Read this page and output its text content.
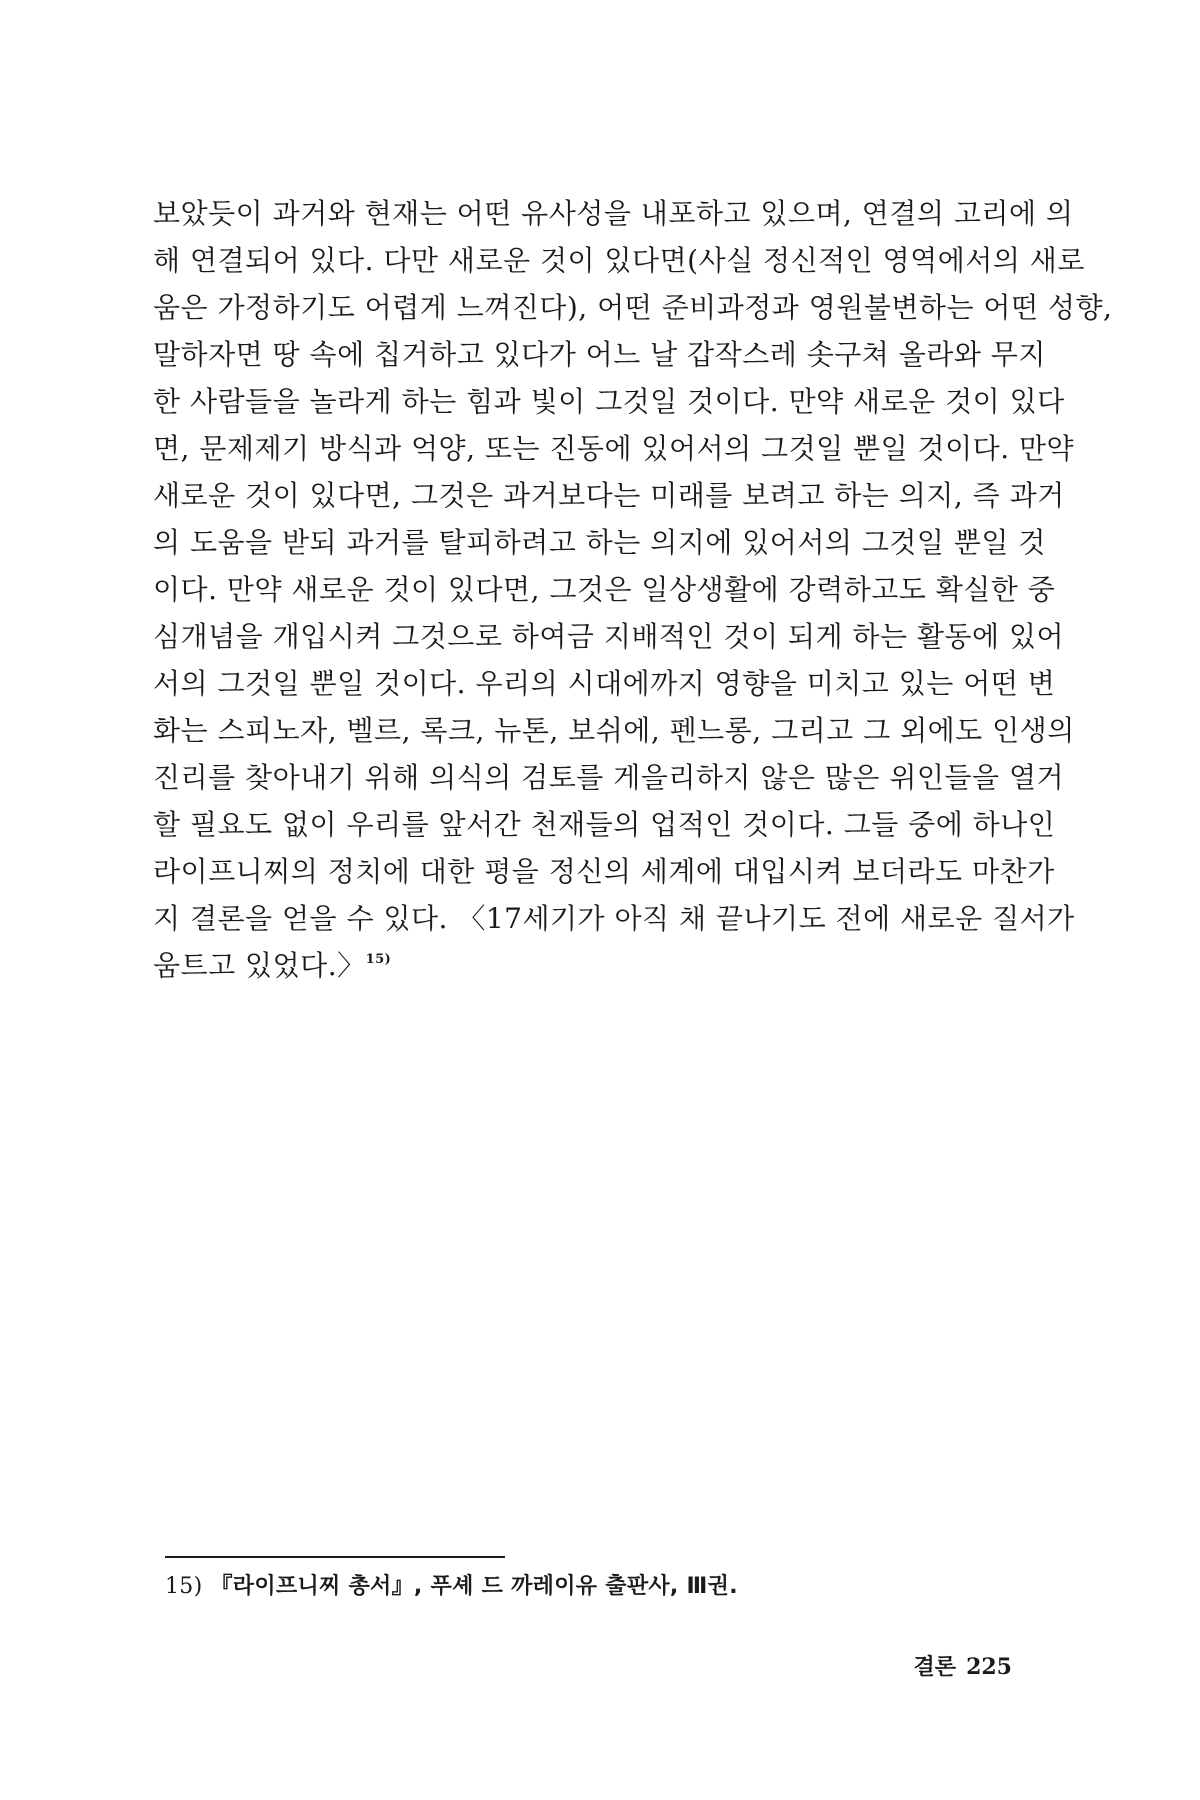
보았듯이 과거와 현재는 어떤 유사성을 내포하고 있으며, 연결의 고리에 의
해 연결되어 있다. 다만 새로운 것이 있다면(사실 정신적인 영역에서의 새로
움은 가정하기도 어렵게 느껴진다), 어떤 준비과정과 영원불변하는 어떤 성향,
말하자면 땅 속에 칩거하고 있다가 어느 날 갑작스레 솟구쳐 올라와 무지
한 사람들을 놀라게 하는 힘과 빛이 그것일 것이다. 만약 새로운 것이 있다
면, 문제제기 방식과 억양, 또는 진동에 있어서의 그것일 뿐일 것이다. 만약
새로운 것이 있다면, 그것은 과거보다는 미래를 보려고 하는 의지, 즉 과거
의 도움을 받되 과거를 탈피하려고 하는 의지에 있어서의 그것일 뿐일 것
이다. 만약 새로운 것이 있다면, 그것은 일상생활에 강력하고도 확실한 중
심개념을 개입시켜 그것으로 하여금 지배적인 것이 되게 하는 활동에 있어
서의 그것일 뿐일 것이다. 우리의 시대에까지 영향을 미치고 있는 어떤 변
화는 스피노자, 벨르, 록크, 뉴톤, 보쉬에, 펜느롱, 그리고 그 외에도 인생의
진리를 찾아내기 위해 의식의 검토를 게을리하지 않은 많은 위인들을 열거
할 필요도 없이 우리를 앞서간 천재들의 업적인 것이다. 그들 중에 하나인
라이프니찌의 정치에 대한 평을 정신의 세계에 대입시켜 보더라도 마찬가
지 결론을 얻을 수 있다. 〈17세기가 아직 채 끝나기도 전에 새로운 질서가
움트고 있었다.〉$^{15)}$
15) 『라이프니찌 총서』, 푸셰 드 까레이유 출판사, Ⅲ권.
결론 225
